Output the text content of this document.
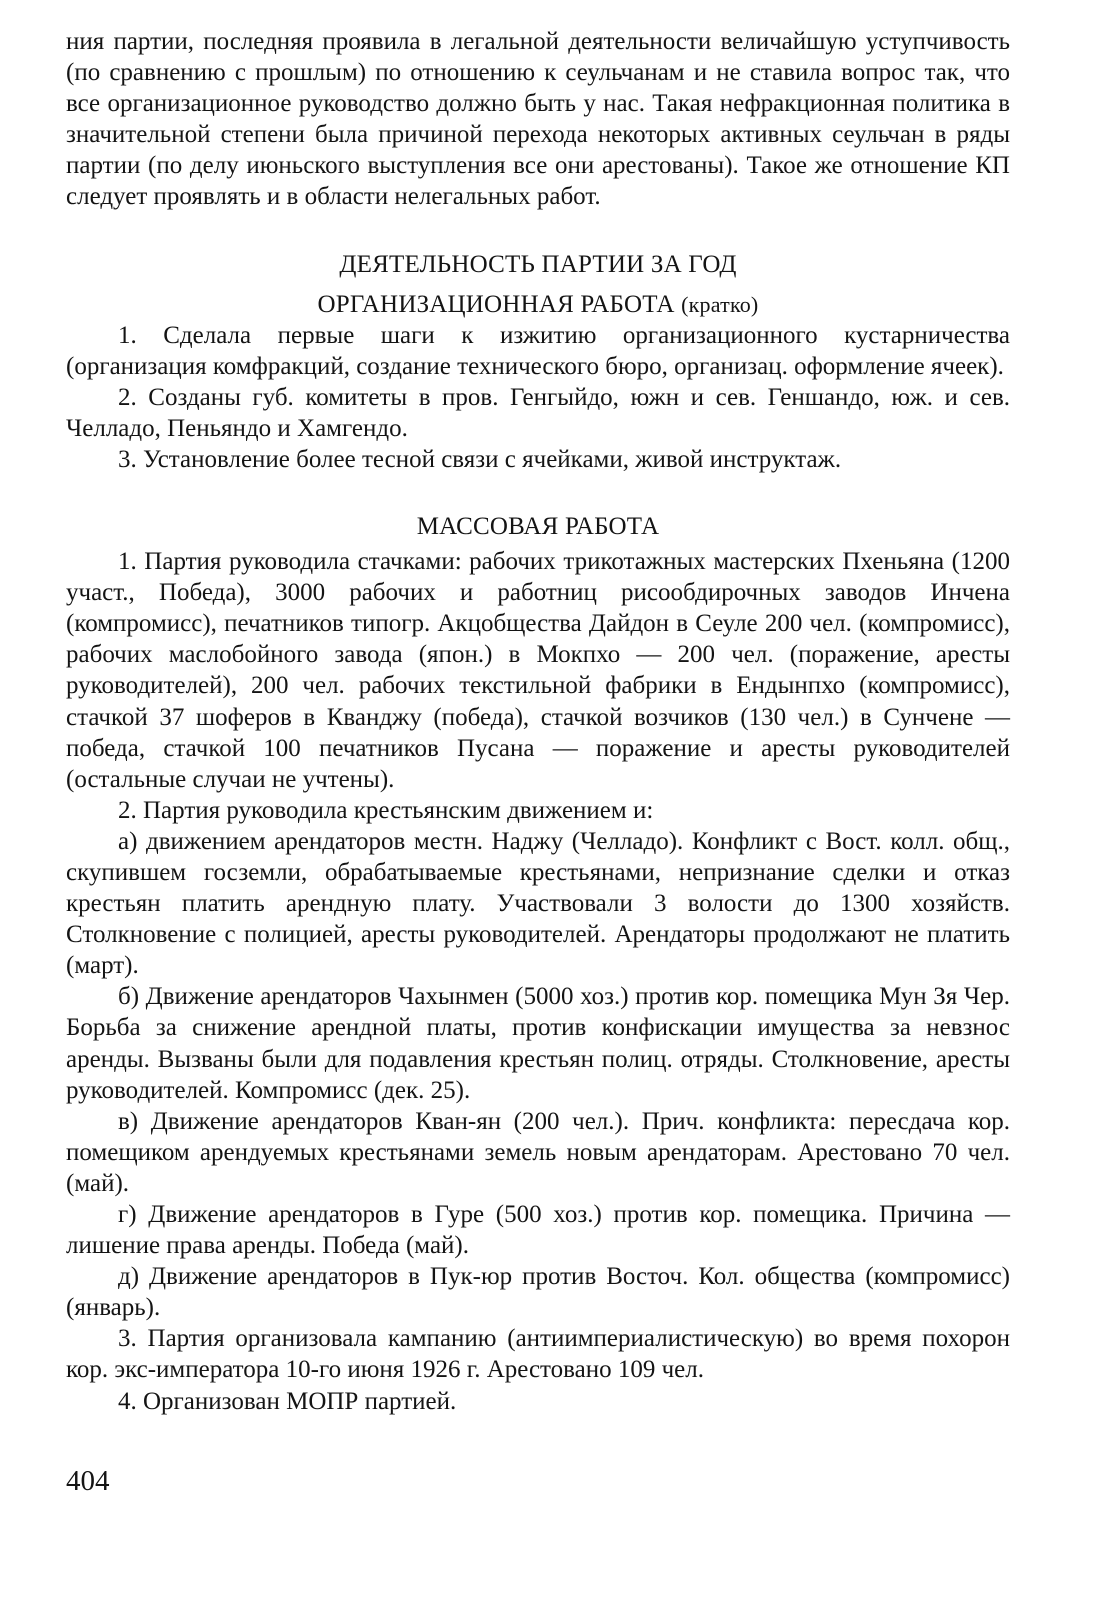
ния партии, последняя проявила в легальной деятельности величайшую уступчивость (по сравнению с прошлым) по отношению к сеульчанам и не ставила вопрос так, что все организационное руководство должно быть у нас. Такая нефракционная политика в значительной степени была причиной перехода некоторых активных сеульчан в ряды партии (по делу июньского выступления все они арестованы). Такое же отношение КП следует проявлять и в области нелегальных работ.

ДЕЯТЕЛЬНОСТЬ ПАРТИИ ЗА ГОД
ОРГАНИЗАЦИОННАЯ РАБОТА (кратко)

1. Сделала первые шаги к изжитию организационного кустарничества (организация комфракций, создание технического бюро, организац. оформление ячеек).

2. Созданы губ. комитеты в пров. Генгыйдо, южн и сев. Геншандо, юж. и сев. Челладо, Пеньяндо и Хамгендо.

3. Установление более тесной связи с ячейками, живой инструктаж.

МАССОВАЯ РАБОТА

1. Партия руководила стачками: рабочих трикотажных мастерских Пхеньяна (1200 участ., Победа), 3000 рабочих и работниц рисообдирочных заводов Инчена (компромисс), печатников типогр. Акцобщества Дайдон в Сеуле 200 чел. (компромисс), рабочих маслобойного завода (япон.) в Мокпхо — 200 чел. (поражение, аресты руководителей), 200 чел. рабочих текстильной фабрики в Ендынпхо (компромисс), стачкой 37 шоферов в Кванджу (победа), стачкой возчиков (130 чел.) в Сунчене — победа, стачкой 100 печатников Пусана — поражение и аресты руководителей (остальные случаи не учтены).

2. Партия руководила крестьянским движением и:

а) движением арендаторов местн. Наджу (Челладо). Конфликт с Вост. колл. общ., скупившем госземли, обрабатываемые крестьянами, непризнание сделки и отказ крестьян платить арендную плату. Участвовали 3 волости до 1300 хозяйств. Столкновение с полицией, аресты руководителей. Арендаторы продолжают не платить (март).

б) Движение арендаторов Чахынмен (5000 хоз.) против кор. помещика Мун Зя Чер. Борьба за снижение арендной платы, против конфискации имущества за невзнос аренды. Вызваны были для подавления крестьян полиц. отряды. Столкновение, аресты руководителей. Компромисс (дек. 25).

в) Движение арендаторов Кван-ян (200 чел.). Прич. конфликта: пересдача кор. помещиком арендуемых крестьянами земель новым арендаторам. Арестовано 70 чел. (май).

г) Движение арендаторов в Гуре (500 хоз.) против кор. помещика. Причина — лишение права аренды. Победа (май).

д) Движение арендаторов в Пук-юр против Восточ. Кол. общества (компромисс) (январь).

3. Партия организовала кампанию (антиимпериалистическую) во время похорон кор. экс-императора 10-го июня 1926 г. Арестовано 109 чел.

4. Организован МОПР партией.

404
